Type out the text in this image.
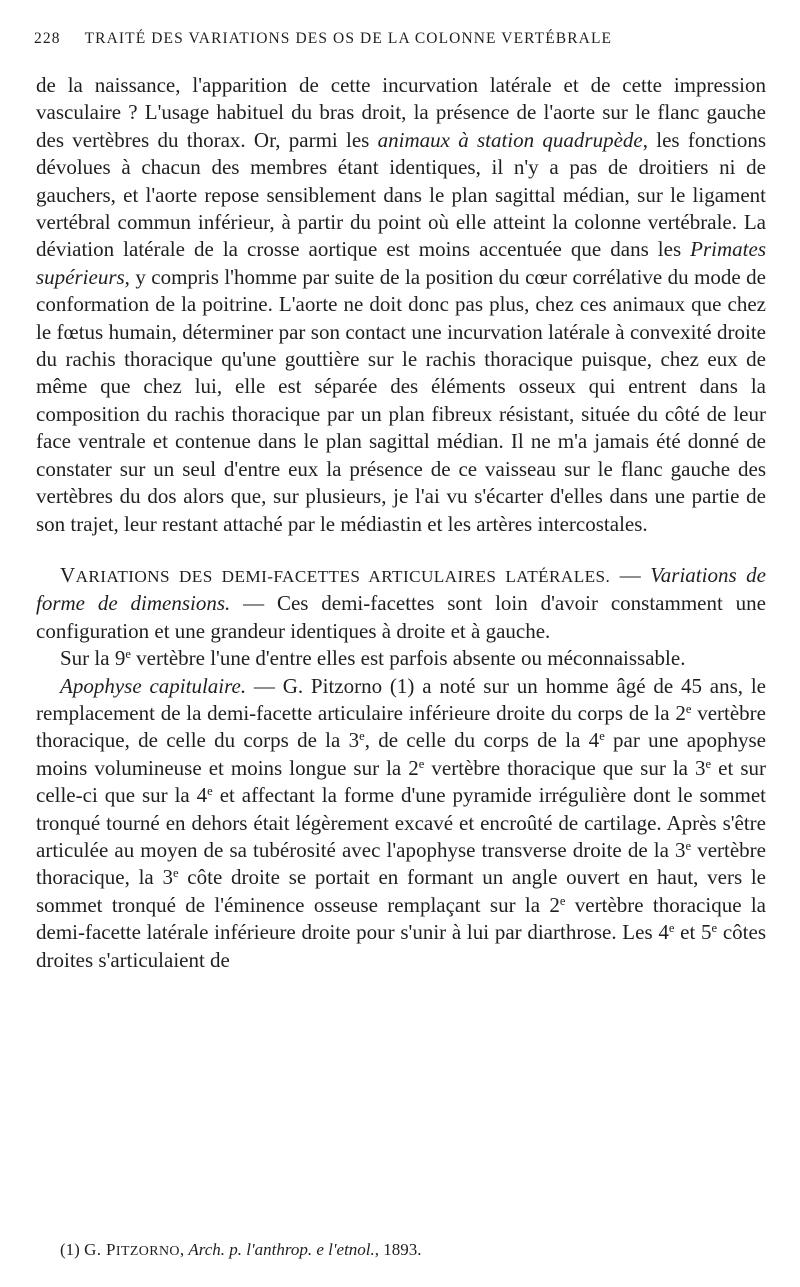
228 TRAITÉ DES VARIATIONS DES OS DE LA COLONNE VERTÉBRALE

de la naissance, l'apparition de cette incurvation latérale et de cette impression vasculaire ? L'usage habituel du bras droit, la présence de l'aorte sur le flanc gauche des vertèbres du thorax. Or, parmi les animaux à station quadrupède, les fonctions dévolues à chacun des membres étant identiques, il n'y a pas de droitiers ni de gauchers, et l'aorte repose sensiblement dans le plan sagittal médian, sur le ligament vertébral commun inférieur, à partir du point où elle atteint la colonne vertébrale. La déviation latérale de la crosse aortique est moins accentuée que dans les Primates supérieurs, y compris l'homme par suite de la position du cœur corrélative du mode de conformation de la poitrine. L'aorte ne doit donc pas plus, chez ces animaux que chez le fœtus humain, déterminer par son contact une incurvation latérale à convexité droite du rachis thoracique qu'une gouttière sur le rachis thoracique puisque, chez eux de même que chez lui, elle est séparée des éléments osseux qui entrent dans la composition du rachis thoracique par un plan fibreux résistant, située du côté de leur face ventrale et contenue dans le plan sagittal médian. Il ne m'a jamais été donné de constater sur un seul d'entre eux la présence de ce vaisseau sur le flanc gauche des vertèbres du dos alors que, sur plusieurs, je l'ai vu s'écarter d'elles dans une partie de son trajet, leur restant attaché par le médiastin et les artères intercostales.

VARIATIONS DES DEMI-FACETTES ARTICULAIRES LATÉRALES. — Variations de forme de dimensions. — Ces demi-facettes sont loin d'avoir constamment une configuration et une grandeur identiques à droite et à gauche.

Sur la 9e vertèbre l'une d'entre elles est parfois absente ou méconnaissable.

Apophyse capitulaire. — G. Pitzorno (1) a noté sur un homme âgé de 45 ans, le remplacement de la demi-facette articulaire inférieure droite du corps de la 2e vertèbre thoracique, de celle du corps de la 3e, de celle du corps de la 4e par une apophyse moins volumineuse et moins longue sur la 2e vertèbre thoracique que sur la 3e et sur celle-ci que sur la 4e et affectant la forme d'une pyramide irrégulière dont le sommet tronqué tourné en dehors était légèrement excavé et encroûté de cartilage. Après s'être articulée au moyen de sa tubérosité avec l'apophyse transverse droite de la 3e vertèbre thoracique, la 3e côte droite se portait en formant un angle ouvert en haut, vers le sommet tronqué de l'éminence osseuse remplaçant sur la 2e vertèbre thoracique la demi-facette latérale inférieure droite pour s'unir à lui par diarthrose. Les 4e et 5e côtes droites s'articulaient de

(1) G. PITZORNO, Arch. p. l'anthrop. e l'etnol., 1893.
